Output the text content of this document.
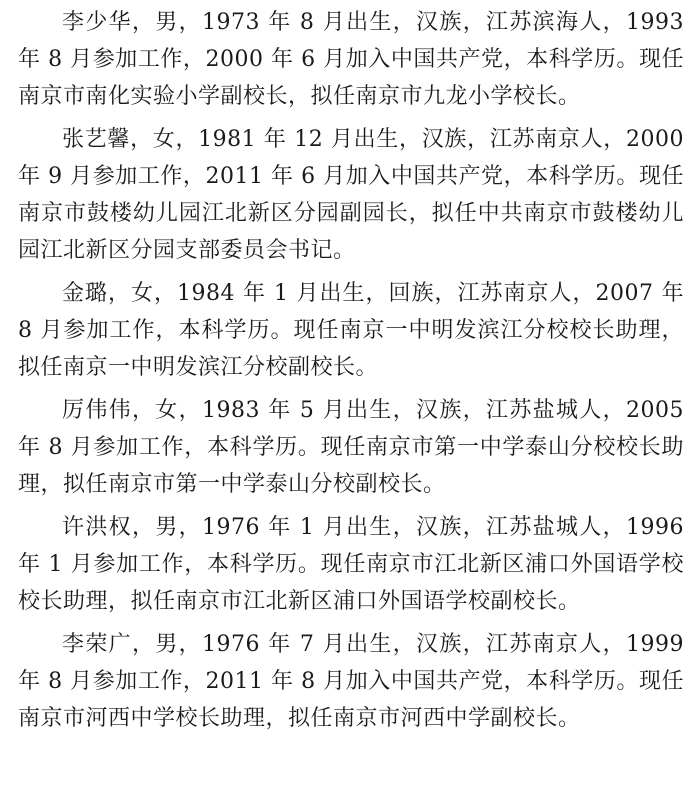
李少华，男，1973 年 8 月出生，汉族，江苏滨海人，1993 年 8 月参加工作，2000 年 6 月加入中国共产党，本科学历。现任南京市南化实验小学副校长，拟任南京市九龙小学校长。

张艺馨，女，1981 年 12 月出生，汉族，江苏南京人，2000 年 9 月参加工作，2011 年 6 月加入中国共产党，本科学历。现任南京市鼓楼幼儿园江北新区分园副园长，拟任中共南京市鼓楼幼儿园江北新区分园支部委员会书记。

金璐，女，1984 年 1 月出生，回族，江苏南京人，2007 年 8 月参加工作，本科学历。现任南京一中明发滨江分校校长助理，拟任南京一中明发滨江分校副校长。

厉伟伟，女，1983 年 5 月出生，汉族，江苏盐城人，2005 年 8 月参加工作，本科学历。现任南京市第一中学泰山分校校长助理，拟任南京市第一中学泰山分校副校长。

许洪权，男，1976 年 1 月出生，汉族，江苏盐城人，1996 年 1 月参加工作，本科学历。现任南京市江北新区浦口外国语学校校长助理，拟任南京市江北新区浦口外国语学校副校长。

李荣广，男，1976 年 7 月出生，汉族，江苏南京人，1999 年 8 月参加工作，2011 年 8 月加入中国共产党，本科学历。现任南京市河西中学校长助理，拟任南京市河西中学副校长。
